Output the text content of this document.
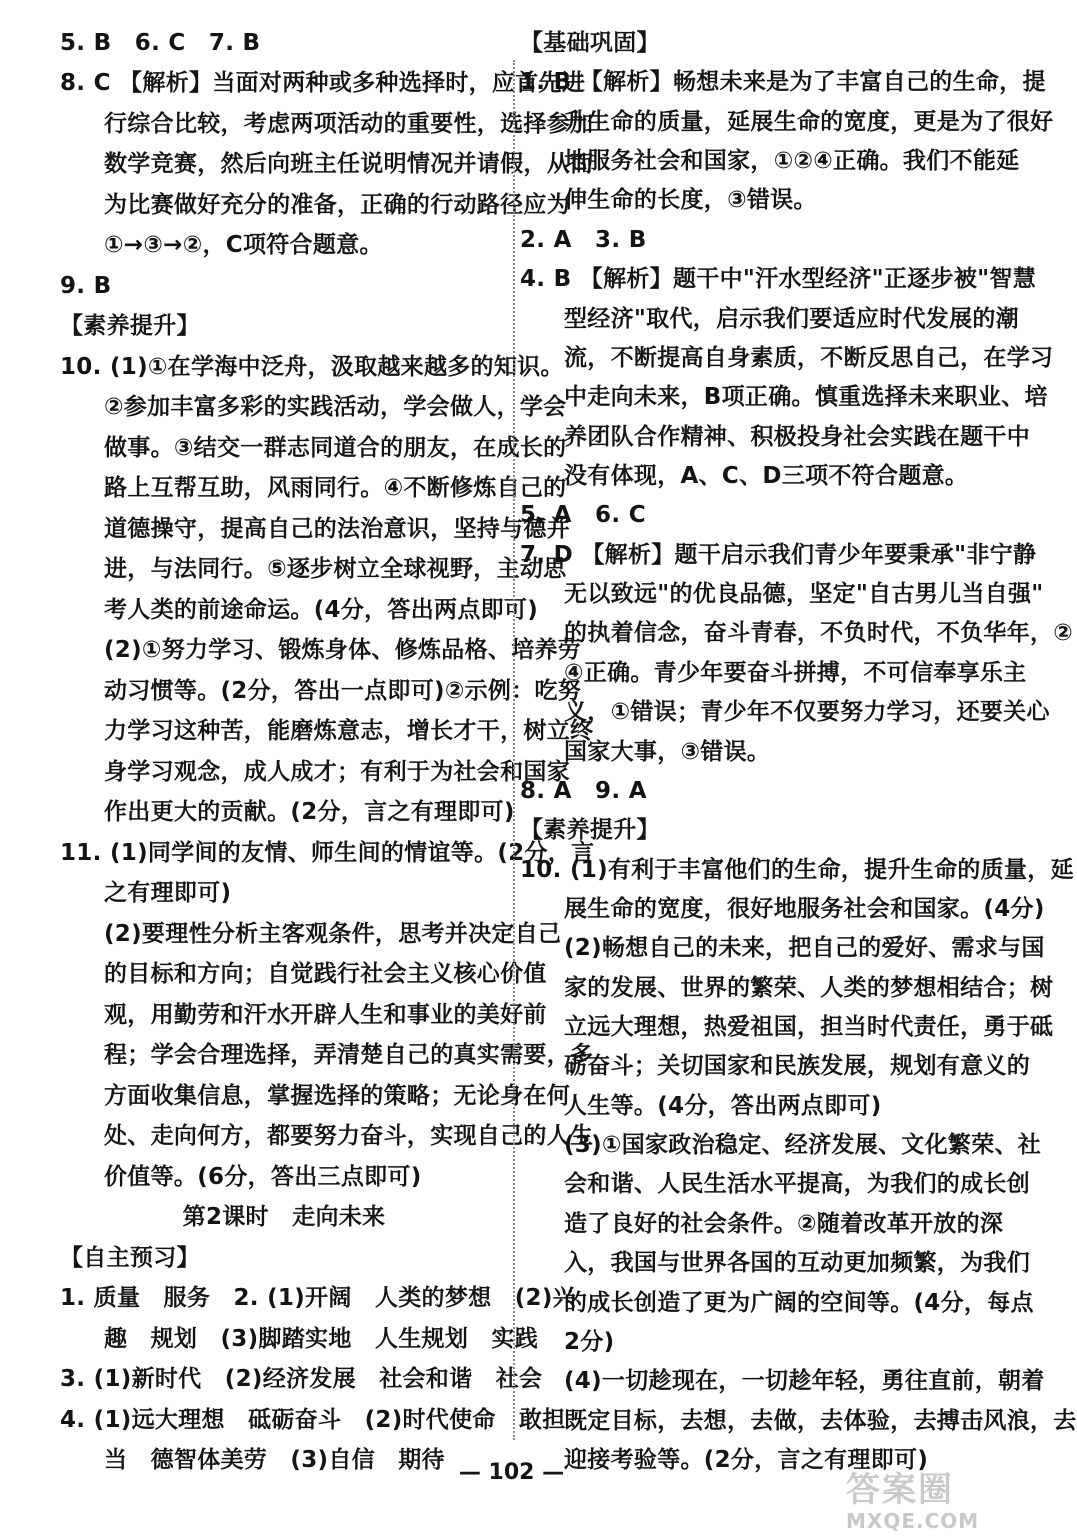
5. B　6. C　7. B
8. C 【解析】当面对两种或多种选择时，应首先进
行综合比较，考虑两项活动的重要性，选择参加
数学竞赛，然后向班主任说明情况并请假，从而
为比赛做好充分的准备，正确的行动路径应为
①→③→②，C项符合题意。
9. B
【素养提升】
10. (1)①在学海中泛舟，汲取越来越多的知识。
②参加丰富多彩的实践活动，学会做人，学会
做事。③结交一群志同道合的朋友，在成长的
路上互帮互助，风雨同行。④不断修炼自己的
道德操守，提高自己的法治意识，坚持与德并
进，与法同行。⑤逐步树立全球视野，主动思
考人类的前途命运。(4分，答出两点即可)
(2)①努力学习、锻炼身体、修炼品格、培养劳
动习惯等。(2分，答出一点即可)②示例：吃努
力学习这种苦，能磨炼意志，增长才干，树立终
身学习观念，成人成才；有利于为社会和国家
作出更大的贡献。(2分，言之有理即可)
11. (1)同学间的友情、师生间的情谊等。(2分，言
之有理即可)
(2)要理性分析主客观条件，思考并决定自己
的目标和方向；自觉践行社会主义核心价值
观，用勤劳和汗水开辟人生和事业的美好前
程；学会合理选择，弄清楚自己的真实需要，多
方面收集信息，掌握选择的策略；无论身在何
处、走向何方，都要努力奋斗，实现自己的人生
价值等。(6分，答出三点即可)
第2课时　走向未来
【自主预习】
1. 质量　服务　2. (1)开阔　人类的梦想　(2)兴
趣　规划　(3)脚踏实地　人生规划　实践
3. (1)新时代　(2)经济发展　社会和谐　社会
4. (1)远大理想　砥砺奋斗　(2)时代使命　敢担
当　德智体美劳　(3)自信　期待
【基础巩固】
1. B 【解析】畅想未来是为了丰富自己的生命，提
升生命的质量，延展生命的宽度，更是为了很好
地服务社会和国家，①②④正确。我们不能延
伸生命的长度，③错误。
2. A　3. B
4. B 【解析】题干中"汗水型经济"正逐步被"智慧
型经济"取代，启示我们要适应时代发展的潮
流，不断提高自身素质，不断反思自己，在学习
中走向未来，B项正确。慎重选择未来职业、培
养团队合作精神、积极投身社会实践在题干中
没有体现，A、C、D三项不符合题意。
5. A　6. C
7. D 【解析】题干启示我们青少年要秉承"非宁静
无以致远"的优良品德，坚定"自古男儿当自强"
的执着信念，奋斗青春，不负时代，不负华年，②
④正确。青少年要奋斗拼搏，不可信奉享乐主
义，①错误；青少年不仅要努力学习，还要关心
国家大事，③错误。
8. A　9. A
【素养提升】
10. (1)有利于丰富他们的生命，提升生命的质量，延
展生命的宽度，很好地服务社会和国家。(4分)
(2)畅想自己的未来，把自己的爱好、需求与国
家的发展、世界的繁荣、人类的梦想相结合；树
立远大理想，热爱祖国，担当时代责任，勇于砥
砺奋斗；关切国家和民族发展，规划有意义的
人生等。(4分，答出两点即可)
(3)①国家政治稳定、经济发展、文化繁荣、社
会和谐、人民生活水平提高，为我们的成长创
造了良好的社会条件。②随着改革开放的深
入，我国与世界各国的互动更加频繁，为我们
的成长创造了更为广阔的空间等。(4分，每点
2分)
(4)一切趁现在，一切趁年轻，勇往直前，朝着
既定目标，去想，去做，去体验，去搏击风浪，去
迎接考验等。(2分，言之有理即可)
— 102 —	答案圈
MXQE.COM
